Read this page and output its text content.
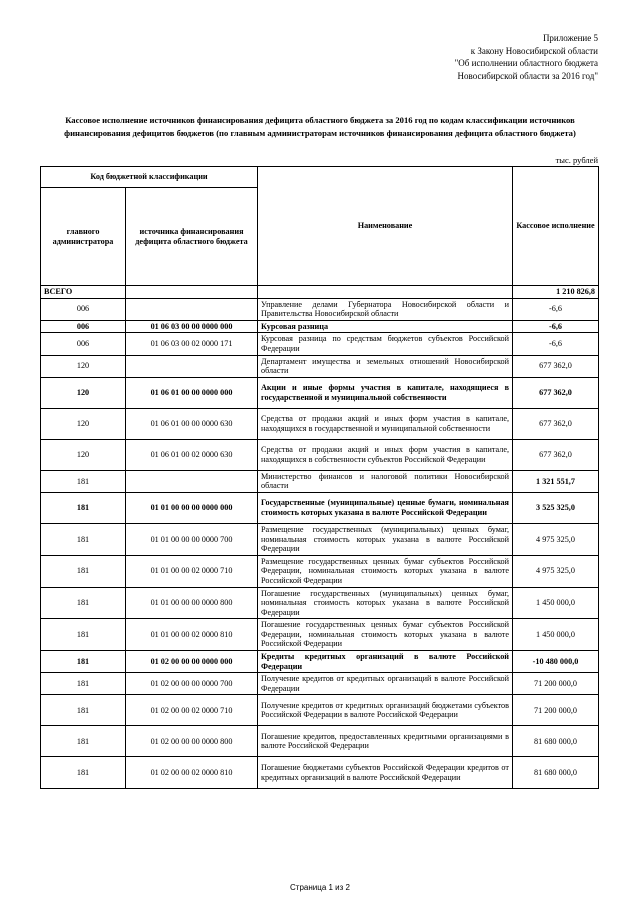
Приложение 5
к Закону Новосибирской области
"Об исполнении областного бюджета
Новосибирской области за 2016 год"
Кассовое исполнение источников финансирования дефицита областного бюджета за 2016 год по кодам классификации источников финансирования дефицитов бюджетов (по главным администраторам источников финансирования дефицита областного бюджета)
тыс. рублей
Код бюджетной классификации		Наименование	Кассовое исполнение
главного администратора	источника финансирования дефицита областного бюджета		
ВСЕГО			1 210 826,8
006		Управление делами Губернатора Новосибирской области и Правительства Новосибирской области	-6,6
006	01 06 03 00 00 0000 000	Курсовая разница	-6,6
006	01 06 03 00 02 0000 171	Курсовая разница по средствам бюджетов субъектов Российской Федерации	-6,6
120		Департамент имущества и земельных отношений Новосибирской области	677 362,0
120	01 06 01 00 00 0000 000	Акции и иные формы участия в капитале, находящиеся в государственной и муниципальной собственности	677 362,0
120	01 06 01 00 00 0000 630	Средства от продажи акций и иных форм участия в капитале, находящихся в государственной и муниципальной собственности	677 362,0
120	01 06 01 00 02 0000 630	Средства от продажи акций и иных форм участия в капитале, находящихся в собственности субъектов Российской Федерации	677 362,0
181		Министерство финансов и налоговой политики Новосибирской области	1 321 551,7
181	01 01 00 00 00 0000 000	Государственные (муниципальные) ценные бумаги, номинальная стоимость которых указана в валюте Российской Федерации	3 525 325,0
181	01 01 00 00 00 0000 700	Размещение государственных (муниципальных) ценных бумаг, номинальная стоимость которых указана в валюте Российской Федерации	4 975 325,0
181	01 01 00 00 02 0000 710	Размещение государственных ценных бумаг субъектов Российской Федерации, номинальная стоимость которых указана в валюте Российской Федерации	4 975 325,0
181	01 01 00 00 00 0000 800	Погашение государственных (муниципальных) ценных бумаг, номинальная стоимость которых указана в валюте Российской Федерации	1 450 000,0
181	01 01 00 00 02 0000 810	Погашение государственных ценных бумаг субъектов Российской Федерации, номинальная стоимость которых указана в валюте Российской Федерации	1 450 000,0
181	01 02 00 00 00 0000 000	Кредиты кредитных организаций в валюте Российской Федерации	-10 480 000,0
181	01 02 00 00 00 0000 700	Получение кредитов от кредитных организаций в валюте Российской Федерации	71 200 000,0
181	01 02 00 00 02 0000 710	Получение кредитов от кредитных организаций бюджетами субъектов Российской Федерации в валюте Российской Федерации	71 200 000,0
181	01 02 00 00 00 0000 800	Погашение кредитов, предоставленных кредитными организациями в валюте Российской Федерации	81 680 000,0
181	01 02 00 00 02 0000 810	Погашение бюджетами субъектов Российской Федерации кредитов от кредитных организаций в валюте Российской Федерации	81 680 000,0
Страница 1 из 2
